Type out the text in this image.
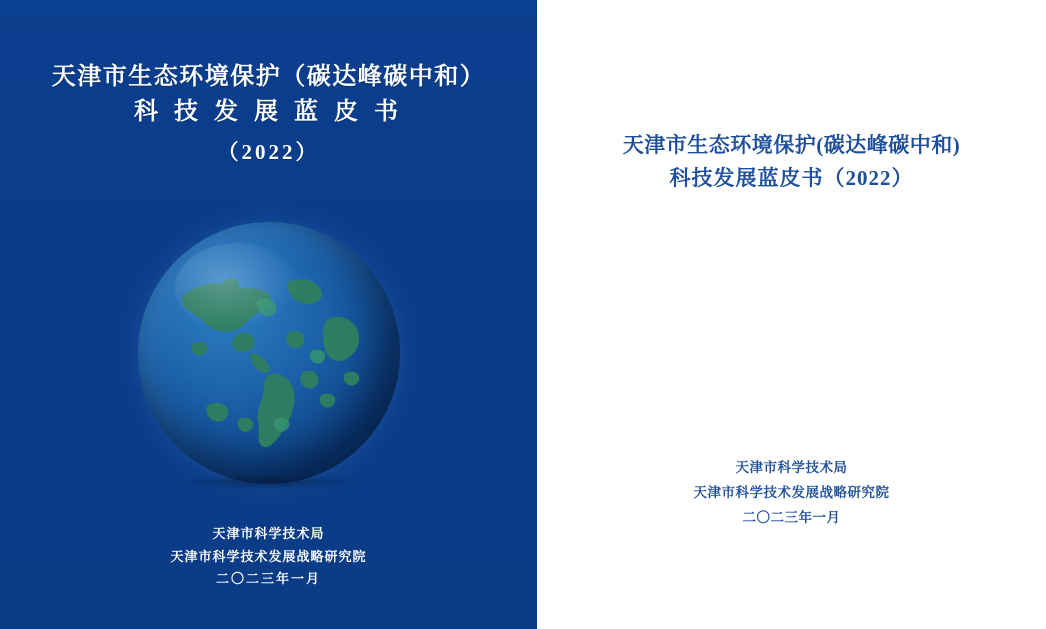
天津市生态环境保护（碳达峰碳中和）
科 技 发 展 蓝 皮 书
（2022）
天津市科学技术局
天津市科学技术发展战略研究院
二〇二三年一月
天津市生态环境保护(碳达峰碳中和)
科技发展蓝皮书（2022）
天津市科学技术局
天津市科学技术发展战略研究院
二〇二三年一月
